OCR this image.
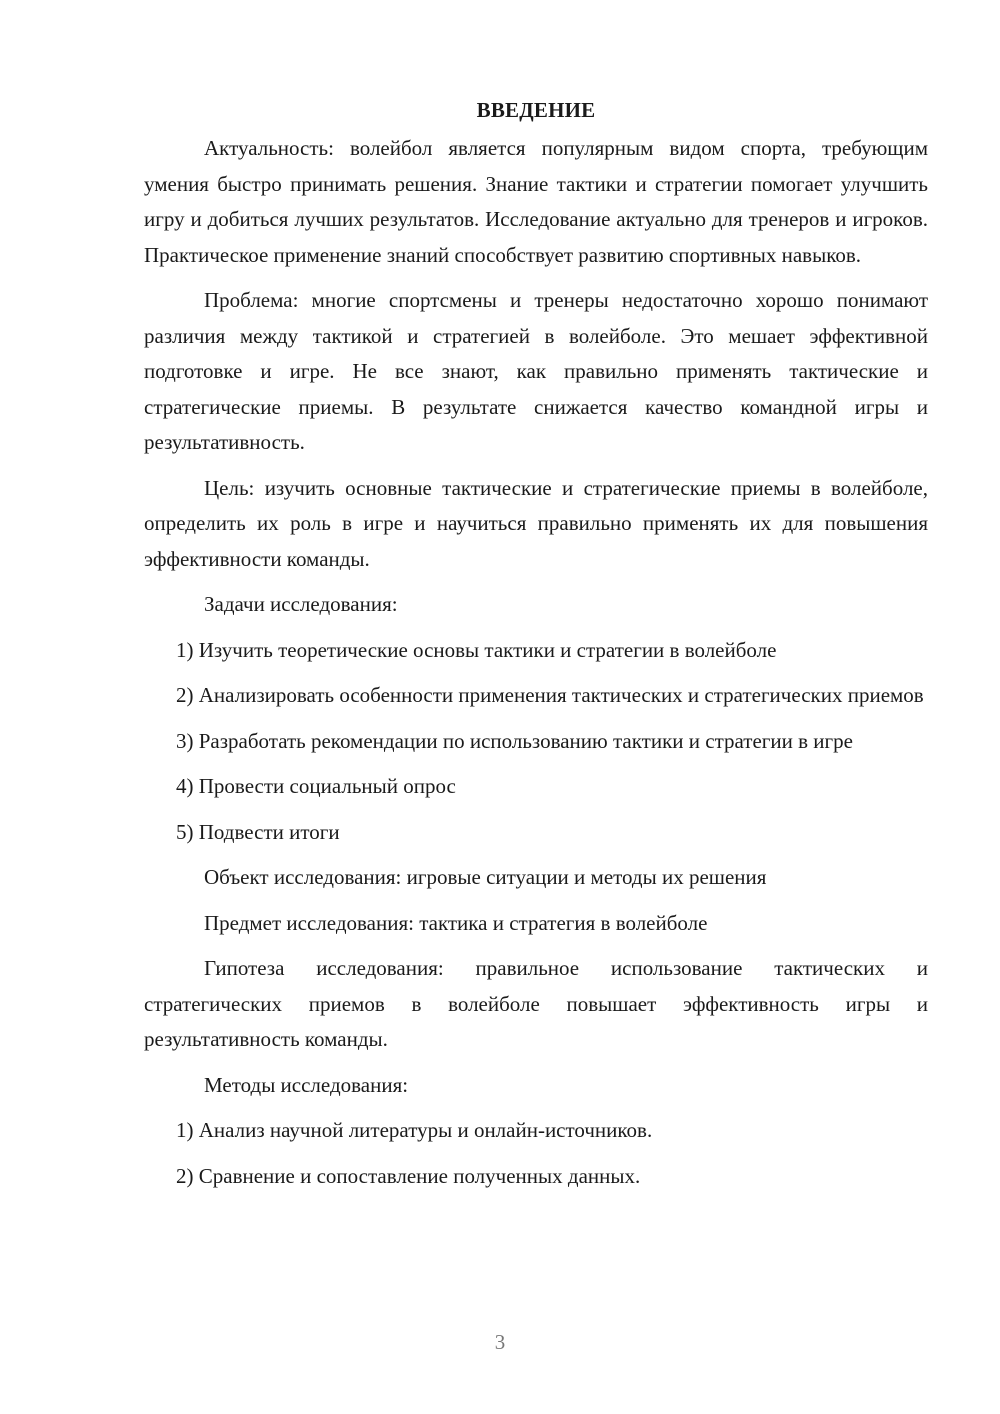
ВВЕДЕНИЕ

Актуальность: волейбол является популярным видом спорта, требующим умения быстро принимать решения. Знание тактики и стратегии помогает улучшить игру и добиться лучших результатов. Исследование актуально для тренеров и игроков. Практическое применение знаний способствует развитию спортивных навыков.

Проблема: многие спортсмены и тренеры недостаточно хорошо понимают различия между тактикой и стратегией в волейболе. Это мешает эффективной подготовке и игре. Не все знают, как правильно применять тактические и стратегические приемы. В результате снижается качество командной игры и результативность.

Цель: изучить основные тактические и стратегические приемы в волейболе, определить их роль в игре и научиться правильно применять их для повышения эффективности команды.

Задачи исследования:

1) Изучить теоретические основы тактики и стратегии в волейболе

2) Анализировать особенности применения тактических и стратегических приемов

3) Разработать рекомендации по использованию тактики и стратегии в игре

4) Провести социальный опрос

5) Подвести итоги

Объект исследования: игровые ситуации и методы их решения

Предмет исследования: тактика и стратегия в волейболе

Гипотеза исследования: правильное использование тактических и стратегических приемов в волейболе повышает эффективность игры и результативность команды.

Методы исследования:

1) Анализ научной литературы и онлайн-источников.

2) Сравнение и сопоставление полученных данных.

3
